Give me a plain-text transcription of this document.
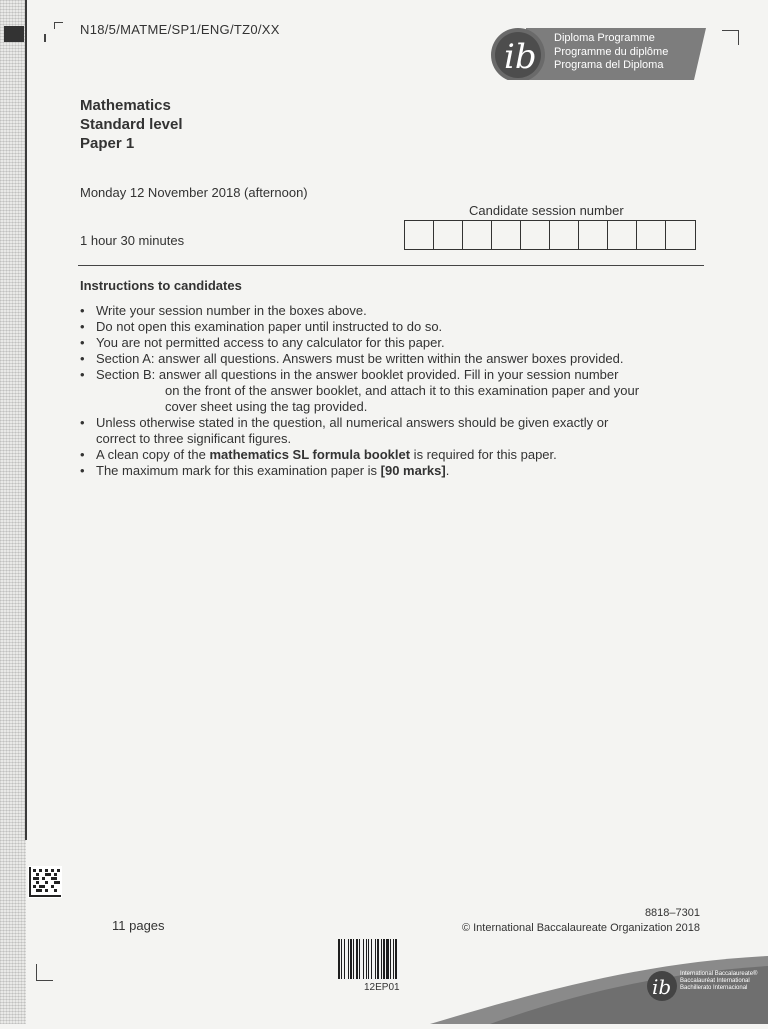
N18/5/MATME/SP1/ENG/TZ0/XX
ib Diploma Programme
Programme du diplôme
Programa del Diploma
Mathematics
Standard level
Paper 1
Monday 12 November 2018 (afternoon)
1 hour 30 minutes
Candidate session number
Instructions to candidates
• Write your session number in the boxes above.
• Do not open this examination paper until instructed to do so.
• You are not permitted access to any calculator for this paper.
• Section A: answer all questions. Answers must be written within the answer boxes provided.
• Section B: answer all questions in the answer booklet provided. Fill in your session number
on the front of the answer booklet, and attach it to this examination paper and your
cover sheet using the tag provided.
• Unless otherwise stated in the question, all numerical answers should be given exactly or
correct to three significant figures.
• A clean copy of the mathematics SL formula booklet is required for this paper.
• The maximum mark for this examination paper is [90 marks].
11 pages
8818–7301
© International Baccalaureate Organization 2018
12EP01	ib
International Baccalaureate®
Baccalauréat International
Bachillerato Internacional
